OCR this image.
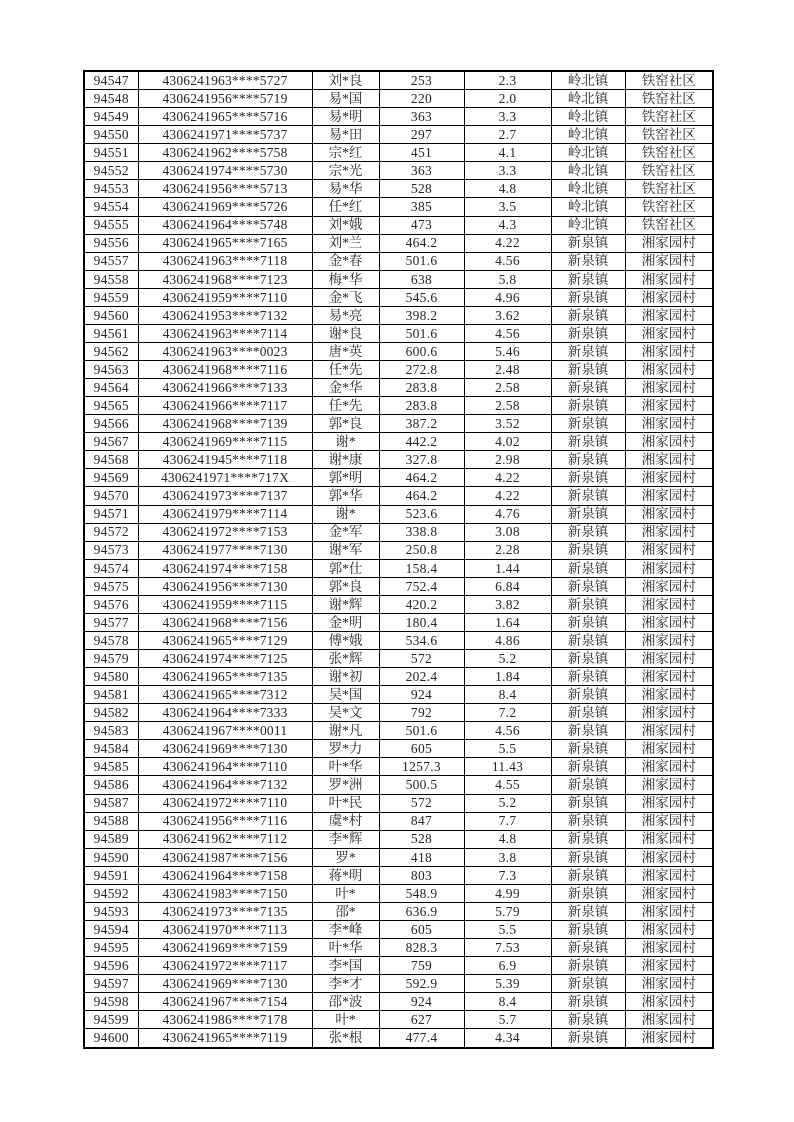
94547	4306241963****5727	刘*良	253	2.3	岭北镇	铁窑社区
94548	4306241956****5719	易*国	220	2.0	岭北镇	铁窑社区
94549	4306241965****5716	易*明	363	3.3	岭北镇	铁窑社区
94550	4306241971****5737	易*田	297	2.7	岭北镇	铁窑社区
94551	4306241962****5758	宗*红	451	4.1	岭北镇	铁窑社区
94552	4306241974****5730	宗*光	363	3.3	岭北镇	铁窑社区
94553	4306241956****5713	易*华	528	4.8	岭北镇	铁窑社区
94554	4306241969****5726	任*红	385	3.5	岭北镇	铁窑社区
94555	4306241964****5748	刘*娥	473	4.3	岭北镇	铁窑社区
94556	4306241965****7165	刘*兰	464.2	4.22	新泉镇	湘家园村
94557	4306241963****7118	金*春	501.6	4.56	新泉镇	湘家园村
94558	4306241968****7123	梅*华	638	5.8	新泉镇	湘家园村
94559	4306241959****7110	金*飞	545.6	4.96	新泉镇	湘家园村
94560	4306241953****7132	易*亮	398.2	3.62	新泉镇	湘家园村
94561	4306241963****7114	谢*良	501.6	4.56	新泉镇	湘家园村
94562	4306241963****0023	唐*英	600.6	5.46	新泉镇	湘家园村
94563	4306241968****7116	任*先	272.8	2.48	新泉镇	湘家园村
94564	4306241966****7133	金*华	283.8	2.58	新泉镇	湘家园村
94565	4306241966****7117	任*先	283.8	2.58	新泉镇	湘家园村
94566	4306241968****7139	郭*良	387.2	3.52	新泉镇	湘家园村
94567	4306241969****7115	谢*	442.2	4.02	新泉镇	湘家园村
94568	4306241945****7118	谢*康	327.8	2.98	新泉镇	湘家园村
94569	4306241971****717X	郭*明	464.2	4.22	新泉镇	湘家园村
94570	4306241973****7137	郭*华	464.2	4.22	新泉镇	湘家园村
94571	4306241979****7114	谢*	523.6	4.76	新泉镇	湘家园村
94572	4306241972****7153	金*军	338.8	3.08	新泉镇	湘家园村
94573	4306241977****7130	谢*军	250.8	2.28	新泉镇	湘家园村
94574	4306241974****7158	郭*仕	158.4	1.44	新泉镇	湘家园村
94575	4306241956****7130	郭*良	752.4	6.84	新泉镇	湘家园村
94576	4306241959****7115	谢*辉	420.2	3.82	新泉镇	湘家园村
94577	4306241968****7156	金*明	180.4	1.64	新泉镇	湘家园村
94578	4306241965****7129	傅*娥	534.6	4.86	新泉镇	湘家园村
94579	4306241974****7125	张*辉	572	5.2	新泉镇	湘家园村
94580	4306241965****7135	谢*初	202.4	1.84	新泉镇	湘家园村
94581	4306241965****7312	吴*国	924	8.4	新泉镇	湘家园村
94582	4306241964****7333	吴*文	792	7.2	新泉镇	湘家园村
94583	4306241967****0011	谢*凡	501.6	4.56	新泉镇	湘家园村
94584	4306241969****7130	罗*力	605	5.5	新泉镇	湘家园村
94585	4306241964****7110	叶*华	1257.3	11.43	新泉镇	湘家园村
94586	4306241964****7132	罗*洲	500.5	4.55	新泉镇	湘家园村
94587	4306241972****7110	叶*民	572	5.2	新泉镇	湘家园村
94588	4306241956****7116	虞*村	847	7.7	新泉镇	湘家园村
94589	4306241962****7112	李*辉	528	4.8	新泉镇	湘家园村
94590	4306241987****7156	罗*	418	3.8	新泉镇	湘家园村
94591	4306241964****7158	蒋*明	803	7.3	新泉镇	湘家园村
94592	4306241983****7150	叶*	548.9	4.99	新泉镇	湘家园村
94593	4306241973****7135	邵*	636.9	5.79	新泉镇	湘家园村
94594	4306241970****7113	李*峰	605	5.5	新泉镇	湘家园村
94595	4306241969****7159	叶*华	828.3	7.53	新泉镇	湘家园村
94596	4306241972****7117	李*国	759	6.9	新泉镇	湘家园村
94597	4306241969****7130	李*才	592.9	5.39	新泉镇	湘家园村
94598	4306241967****7154	邵*波	924	8.4	新泉镇	湘家园村
94599	4306241986****7178	叶*	627	5.7	新泉镇	湘家园村
94600	4306241965****7119	张*根	477.4	4.34	新泉镇	湘家园村
